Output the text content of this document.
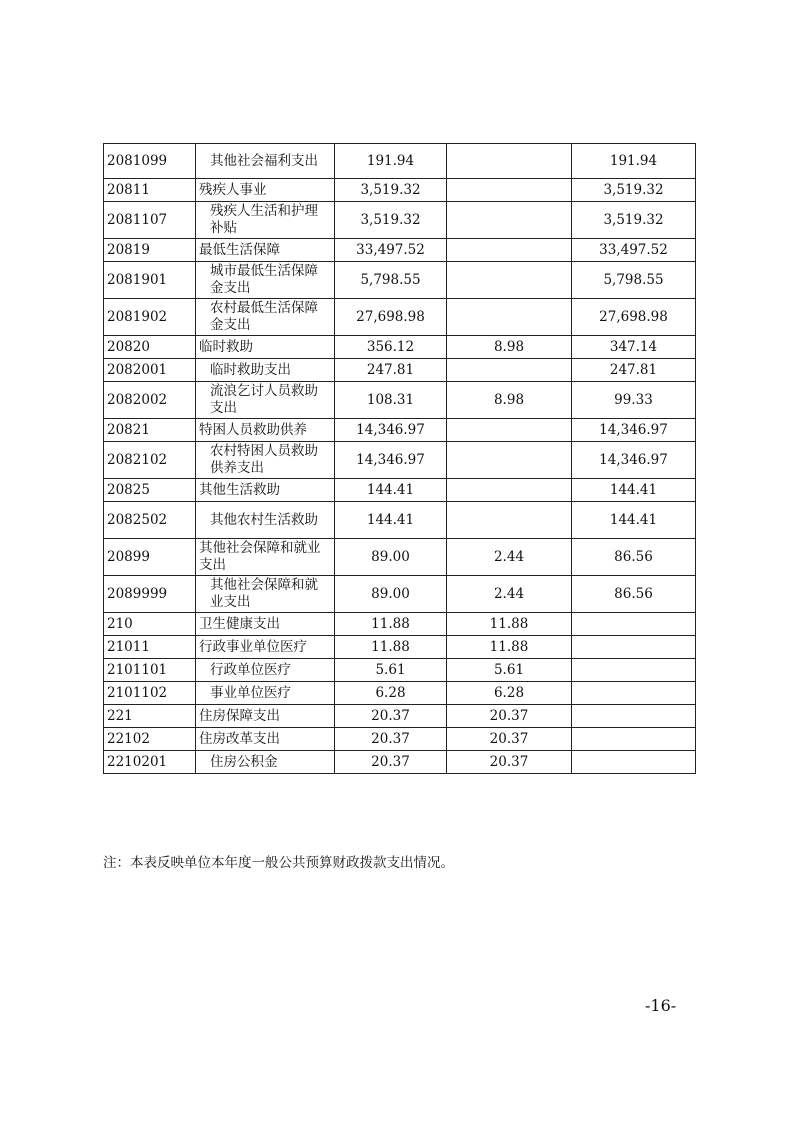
2081099	其他社会福利支出	191.94		191.94
20811	残疾人事业	3,519.32		3,519.32
2081107	残疾人生活和护理补贴	3,519.32		3,519.32
20819	最低生活保障	33,497.52		33,497.52
2081901	城市最低生活保障金支出	5,798.55		5,798.55
2081902	农村最低生活保障金支出	27,698.98		27,698.98
20820	临时救助	356.12	8.98	347.14
2082001	临时救助支出	247.81		247.81
2082002	流浪乞讨人员救助支出	108.31	8.98	99.33
20821	特困人员救助供养	14,346.97		14,346.97
2082102	农村特困人员救助供养支出	14,346.97		14,346.97
20825	其他生活救助	144.41		144.41
2082502	其他农村生活救助	144.41		144.41
20899	其他社会保障和就业支出	89.00	2.44	86.56
2089999	其他社会保障和就业支出	89.00	2.44	86.56
210	卫生健康支出	11.88	11.88	
21011	行政事业单位医疗	11.88	11.88	
2101101	行政单位医疗	5.61	5.61	
2101102	事业单位医疗	6.28	6.28	
221	住房保障支出	20.37	20.37	
22102	住房改革支出	20.37	20.37	
2210201	住房公积金	20.37	20.37	
注：本表反映单位本年度一般公共预算财政拨款支出情况。
-16-
